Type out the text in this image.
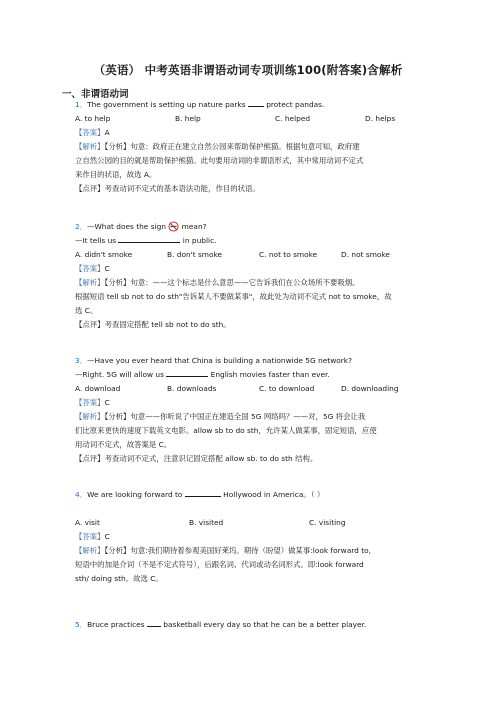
（英语） 中考英语非谓语动词专项训练100(附答案)含解析
一、非谓语动词
1．The government is setting up nature parks  protect pandas.
A. to help	B. help	C. helped	D. helps
【答案】A
【解析】【分析】句意：政府正在建立自然公园来帮助保护熊猫。根据句意可知，政府建
立自然公园的目的就是帮助保护熊猫。此句要用动词的非谓语形式，其中常用动词不定式
来作目的状语，故选 A。
【点评】考查动词不定式的基本语法功能，作目的状语。
2．—What does the sign  mean?
—It tells us	in public.
A. didn't smoke	B. don't smoke	C. not to smoke	D. not smoke
【答案】C
【解析】【分析】句意：——这个标志是什么意思——它告诉我们在公众场所不要吸烟。
根据短语 tell sb not to do sth"告诉某人不要做某事"，故此处为动词不定式 not to smoke，故
选 C。
【点评】考查固定搭配 tell sb not to do sth。
3．—Have you ever heard that China is building a nationwide 5G network?
—Right. 5G will allow us	English movies faster than ever.
A. download	B. downloads	C. to download	D. downloading
【答案】C
【解析】【分析】句意——你听说了中国正在建造全国 5G 网络吗？——对，5G 将会让我
们比原来更快的速度下载英文电影。allow sb to do sth，允许某人做某事，固定短语，应使
用动词不定式，故答案是 C。
【点评】考查动词不定式，注意识记固定搭配 allow sb. to do sth 结构。
4．We are looking forward to	Hollywood in America。（ ）
A. visit	B. visited	C. visiting
【答案】C
【解析】【分析】句意:我们期待着参观美国好莱坞。期待（盼望）做某事:look forward to,
短语中的加是介词（不是不定式符号），后跟名词、代词或动名词形式。即:look forward
sth/ doing sth。故选 C。
5．Bruce practices  basketball every day so that he can be a better player.
